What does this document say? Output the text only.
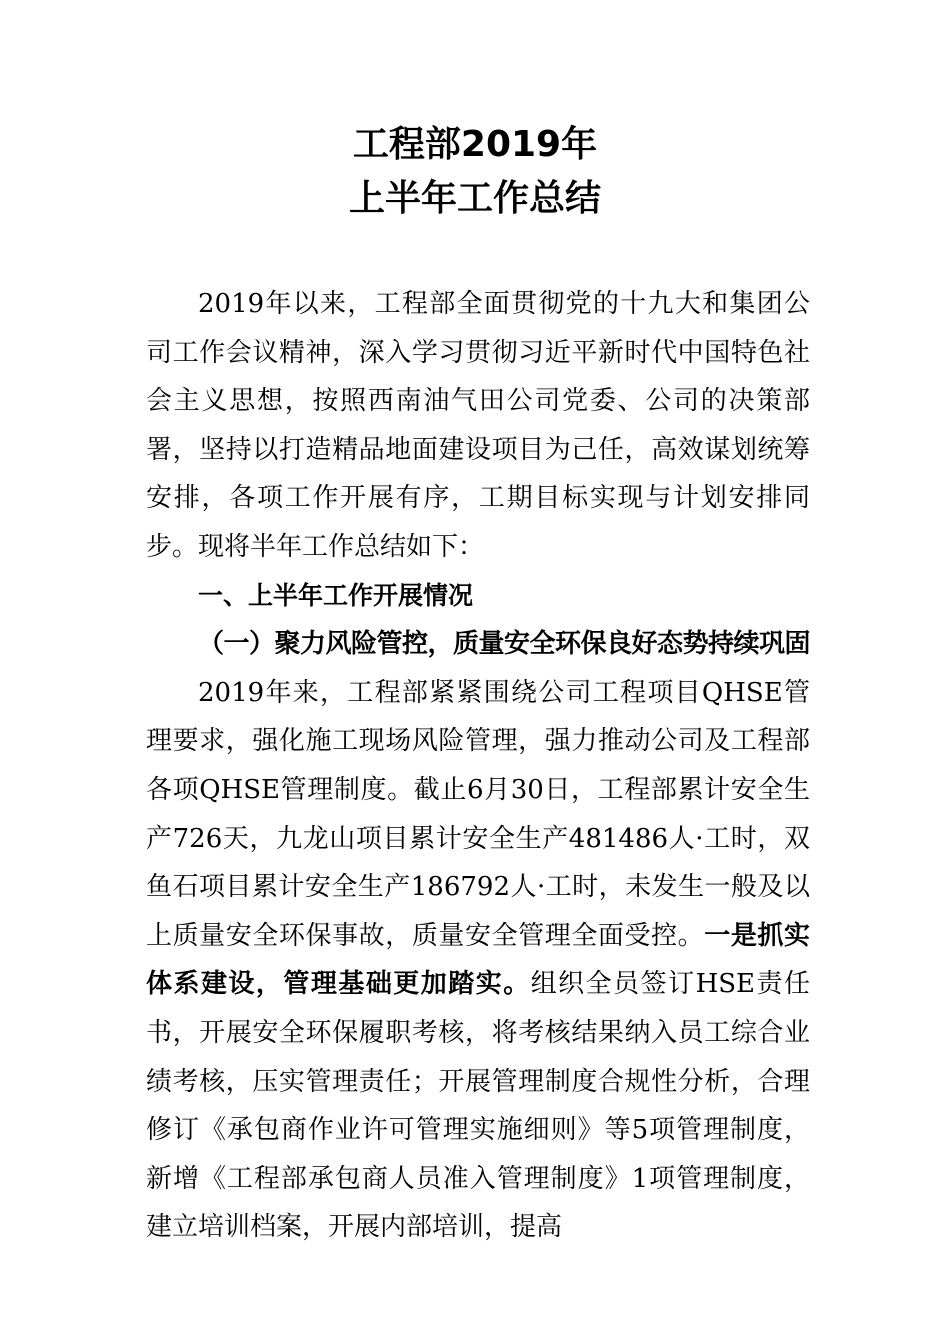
工程部2019年
上半年工作总结

2019年以来，工程部全面贯彻党的十九大和集团公司工作会议精神，深入学习贯彻习近平新时代中国特色社会主义思想，按照西南油气田公司党委、公司的决策部署，坚持以打造精品地面建设项目为己任，高效谋划统筹安排，各项工作开展有序，工期目标实现与计划安排同步。现将半年工作总结如下：

一、上半年工作开展情况

（一）聚力风险管控，质量安全环保良好态势持续巩固

2019年来，工程部紧紧围绕公司工程项目QHSE管理要求，强化施工现场风险管理，强力推动公司及工程部各项QHSE管理制度。截止6月30日，工程部累计安全生产726天，九龙山项目累计安全生产481486人·工时，双鱼石项目累计安全生产186792人·工时，未发生一般及以上质量安全环保事故，质量安全管理全面受控。一是抓实体系建设，管理基础更加踏实。组织全员签订HSE责任书，开展安全环保履职考核，将考核结果纳入员工综合业绩考核，压实管理责任；开展管理制度合规性分析，合理修订《承包商作业许可管理实施细则》等5项管理制度，新增《工程部承包商人员准入管理制度》1项管理制度，建立培训档案，开展内部培训，提高
